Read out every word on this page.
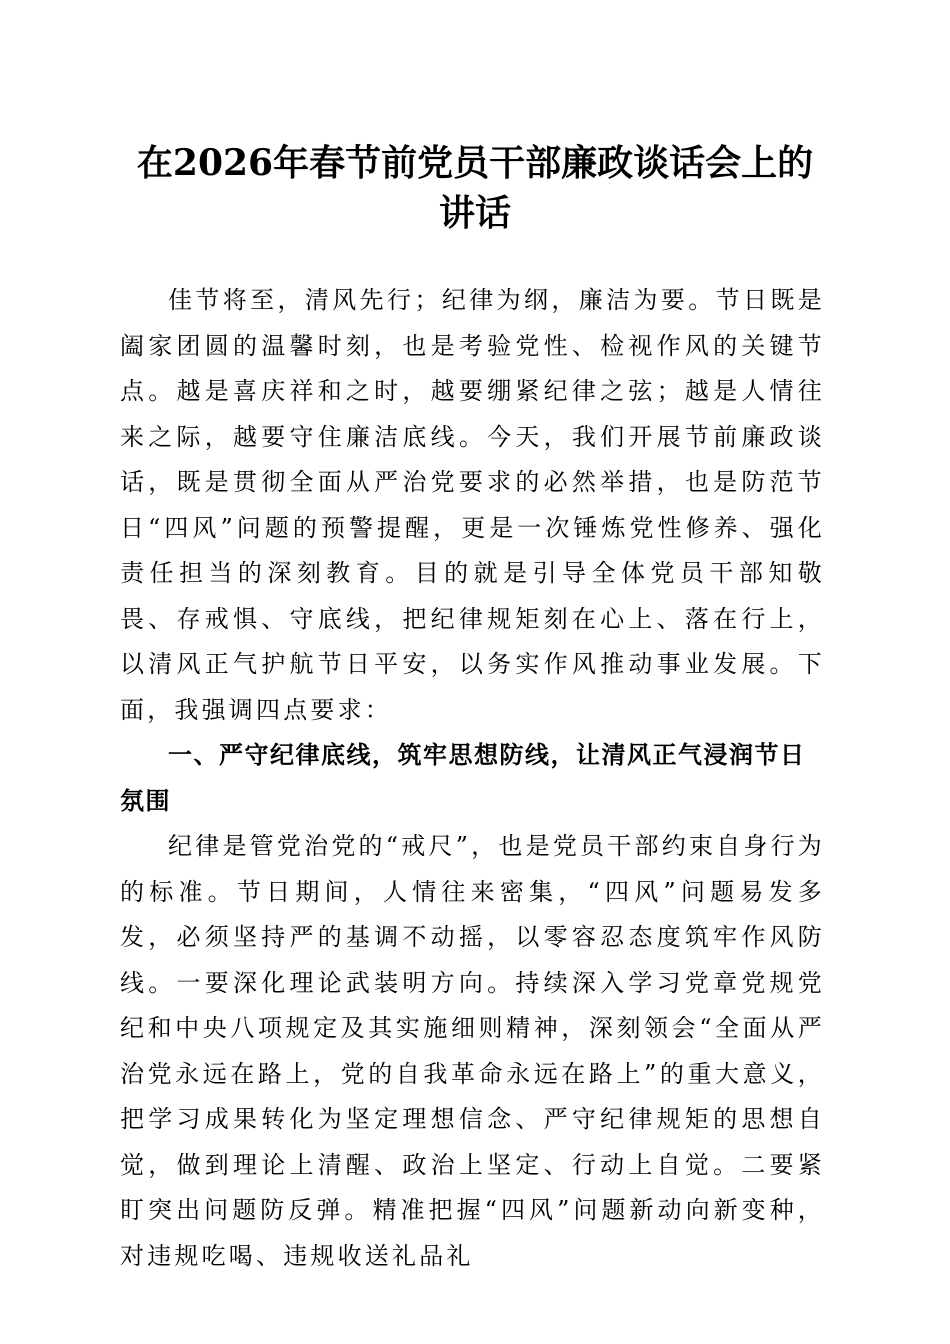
在2026年春节前党员干部廉政谈话会上的讲话

佳节将至，清风先行；纪律为纲，廉洁为要。节日既是阖家团圆的温馨时刻，也是考验党性、检视作风的关键节点。越是喜庆祥和之时，越要绷紧纪律之弦；越是人情往来之际，越要守住廉洁底线。今天，我们开展节前廉政谈话，既是贯彻全面从严治党要求的必然举措，也是防范节日“四风”问题的预警提醒，更是一次锤炼党性修养、强化责任担当的深刻教育。目的就是引导全体党员干部知敬畏、存戒惧、守底线，把纪律规矩刻在心上、落在行上，以清风正气护航节日平安，以务实作风推动事业发展。下面，我强调四点要求：

一、严守纪律底线，筑牢思想防线，让清风正气浸润节日氛围

纪律是管党治党的“戒尺”，也是党员干部约束自身行为的标准。节日期间，人情往来密集，“四风”问题易发多发，必须坚持严的基调不动摇，以零容忍态度筑牢作风防线。一要深化理论武装明方向。持续深入学习党章党规党纪和中央八项规定及其实施细则精神，深刻领会“全面从严治党永远在路上，党的自我革命永远在路上”的重大意义，把学习成果转化为坚定理想信念、严守纪律规矩的思想自觉，做到理论上清醒、政治上坚定、行动上自觉。二要紧盯突出问题防反弹。精准把握“四风”问题新动向新变种，对违规吃喝、违规收送礼品礼
